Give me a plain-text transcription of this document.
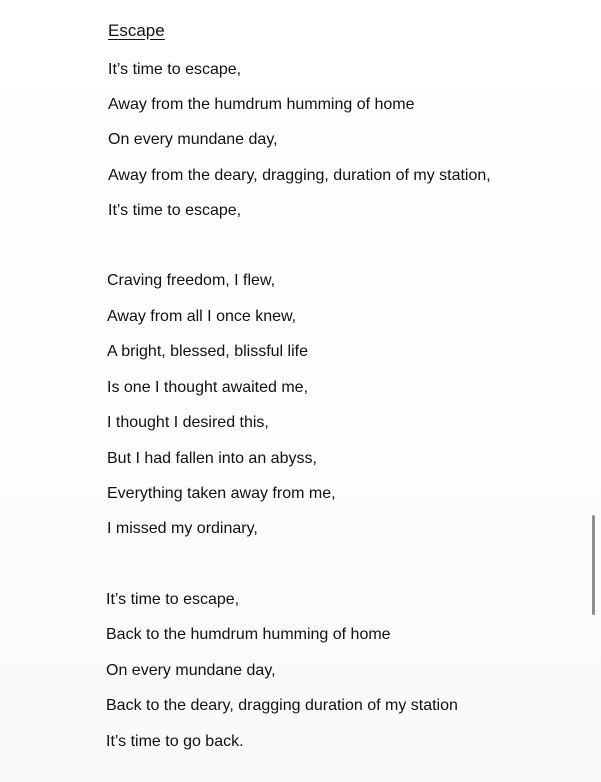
Escape

It’s time to escape,

Away from the humdrum humming of home

On every mundane day,

Away from the deary, dragging, duration of my station,

It’s time to escape,

Craving freedom, I flew,

Away from all I once knew,

A bright, blessed, blissful life

Is one I thought awaited me,

I thought I desired this,

But I had fallen into an abyss,

Everything taken away from me,

I missed my ordinary,

It’s time to escape,

Back to the humdrum humming of home

On every mundane day,

Back to the deary, dragging duration of my station

It’s time to go back.
